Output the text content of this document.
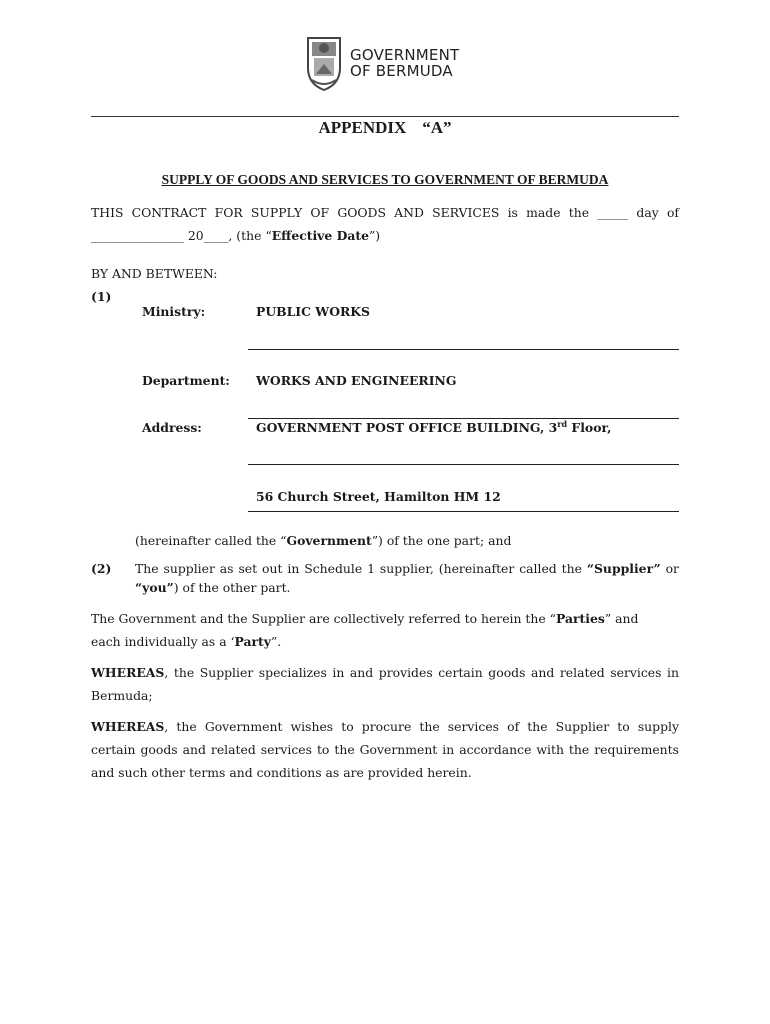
GOVERNMENT
OF BERMUDA
APPENDIX “A”
SUPPLY OF GOODS AND SERVICES TO GOVERNMENT OF BERMUDA
THIS CONTRACT FOR SUPPLY OF GOODS AND SERVICES is made the _____ day of
_______________ 20____, (the “Effective Date”)
BY AND BETWEEN:
(1)
Ministry:	PUBLIC WORKS
Department: WORKS AND ENGINEERING
Address:	GOVERNMENT POST OFFICE BUILDING, 3rd Floor,
56 Church Street, Hamilton HM 12
(hereinafter called the “Government”) of the one part; and
(2) The supplier as set out in Schedule 1 supplier, (hereinafter called the “Supplier” or
“you”) of the other part.
The Government and the Supplier are collectively referred to herein the “Parties” and
each individually as a ‘Party”.
WHEREAS, the Supplier specializes in and provides certain goods and related services in
Bermuda;
WHEREAS, the Government wishes to procure the services of the Supplier to supply
certain goods and related services to the Government in accordance with the requirements
and such other terms and conditions as are provided herein.
